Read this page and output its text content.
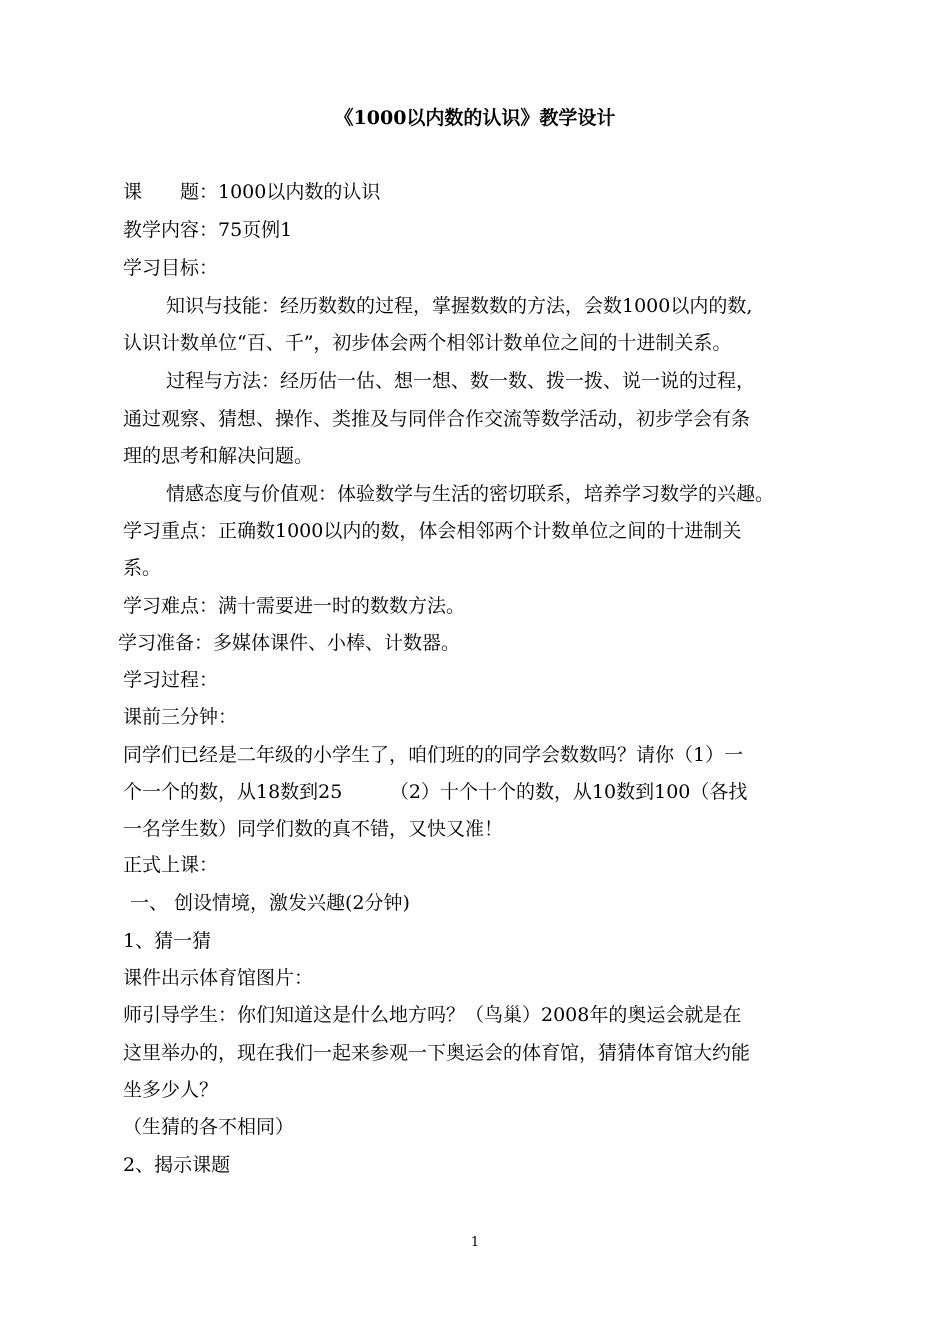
《1000以内数的认识》教学设计
课　　题：1000以内数的认识
教学内容：75页例1
学习目标：
知识与技能：经历数数的过程，掌握数数的方法，会数1000以内的数,
认识计数单位“百、千”，初步体会两个相邻计数单位之间的十进制关系。
过程与方法：经历估一估、想一想、数一数、拨一拨、说一说的过程，
通过观察、猜想、操作、类推及与同伴合作交流等数学活动，初步学会有条
理的思考和解决问题。
情感态度与价值观：体验数学与生活的密切联系，培养学习数学的兴趣。
学习重点：正确数1000以内的数，体会相邻两个计数单位之间的十进制关
系。
学习难点：满十需要进一时的数数方法。
学习准备：多媒体课件、小棒、计数器。
学习过程：
课前三分钟：
同学们已经是二年级的小学生了，咱们班的的同学会数数吗？请你（1）一
个一个的数，从18数到25　　　（2）十个十个的数，从10数到100（各找
一名学生数）同学们数的真不错，又快又准！
正式上课：
一、 创设情境，激发兴趣(2分钟)
1、猜一猜
课件出示体育馆图片：
师引导学生：你们知道这是什么地方吗？（鸟巢）2008年的奥运会就是在
这里举办的，现在我们一起来参观一下奥运会的体育馆，猜猜体育馆大约能
坐多少人？
（生猜的各不相同）
2、揭示课题
1
